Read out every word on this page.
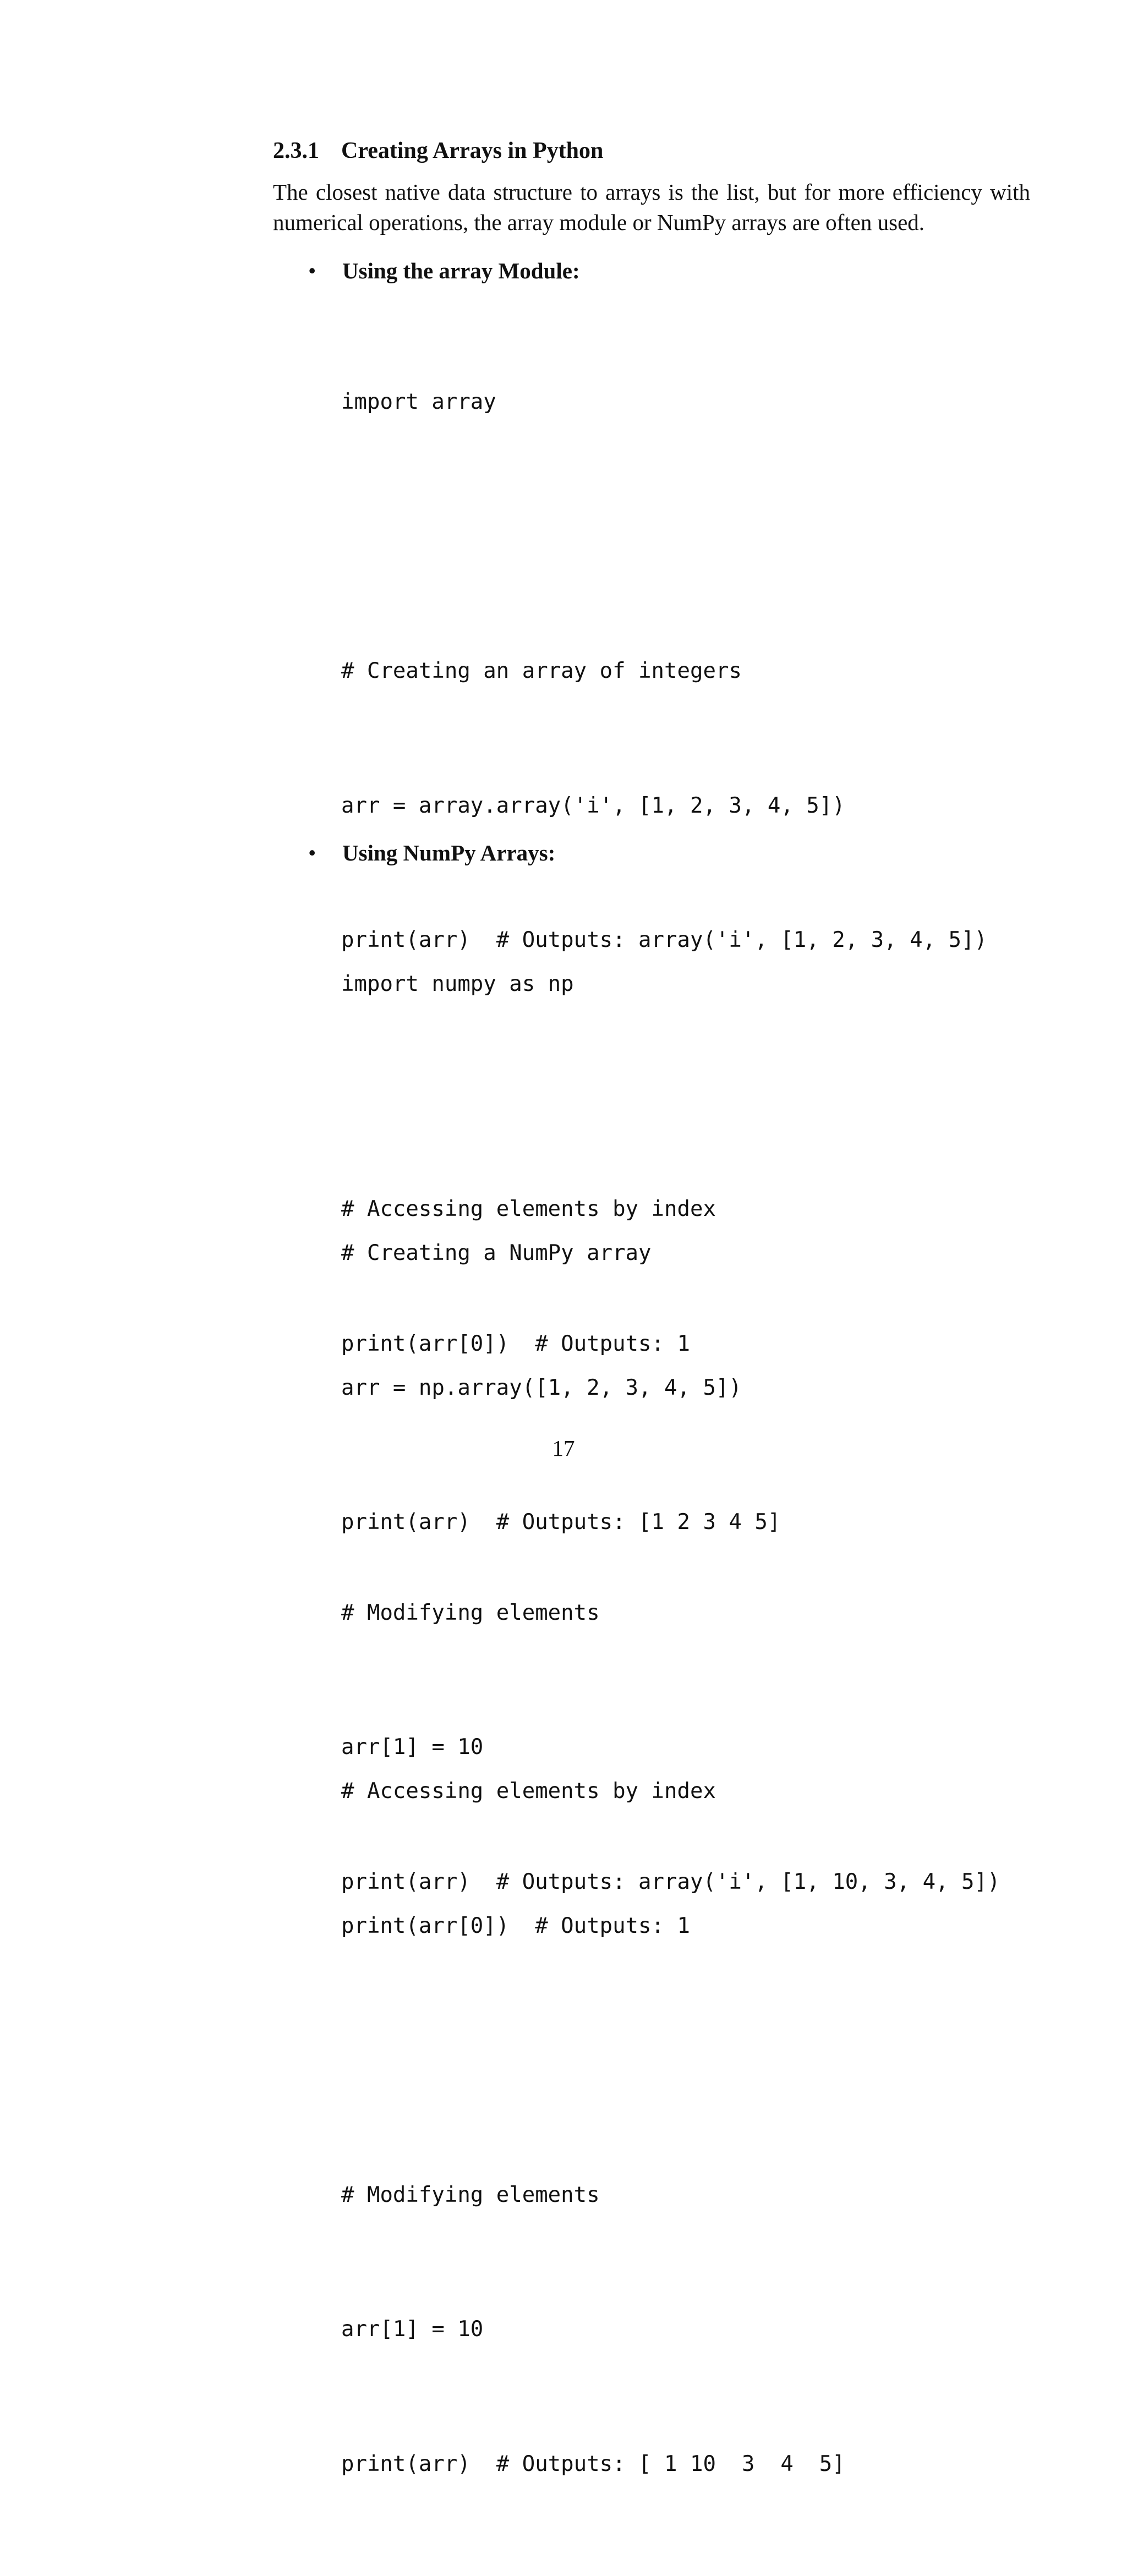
2.3.1 Creating Arrays in Python
The closest native data structure to arrays is the list, but for more efficiency with numerical operations, the array module or NumPy arrays are often used.
• Using the array Module:

import array

# Creating an array of integers

arr = array.array('i', [1, 2, 3, 4, 5])

print(arr)  # Outputs: array('i', [1, 2, 3, 4, 5])

# Accessing elements by index

print(arr[0])  # Outputs: 1

# Modifying elements

arr[1] = 10

print(arr)  # Outputs: array('i', [1, 10, 3, 4, 5])

• Using NumPy Arrays:

import numpy as np

# Creating a NumPy array

arr = np.array([1, 2, 3, 4, 5])

print(arr)  # Outputs: [1 2 3 4 5]

# Accessing elements by index

print(arr[0])  # Outputs: 1

# Modifying elements

arr[1] = 10

print(arr)  # Outputs: [ 1 10  3  4  5]

17
